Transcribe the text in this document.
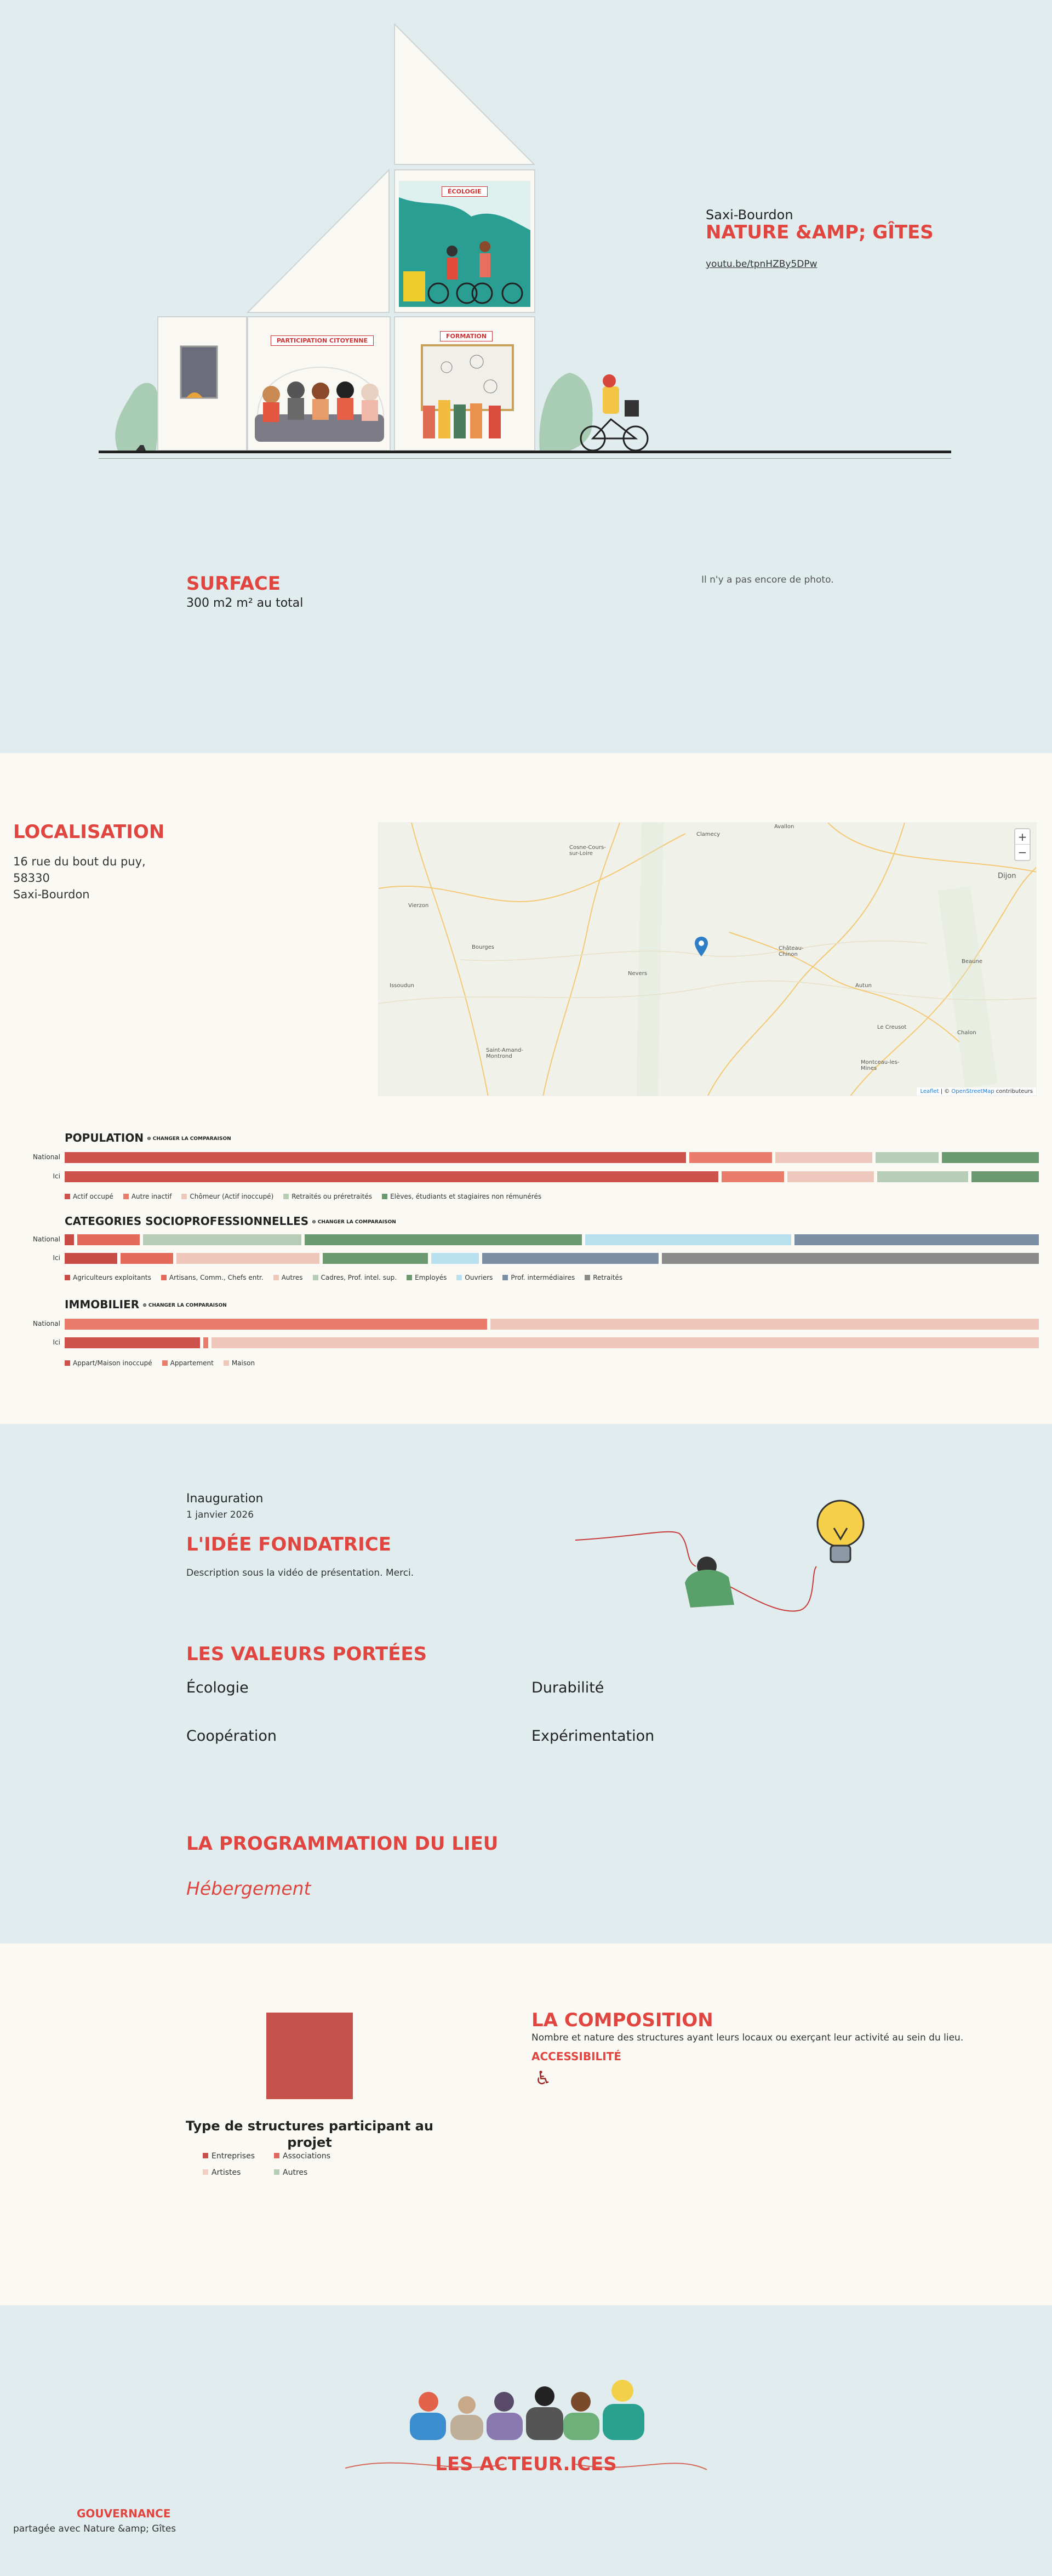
ÉCOLOGIE
PARTICIPATION CITOYENNE
FORMATION
Saxi-Bourdon
NATURE &AMP; GÎTES
youtu.be/tpnHZBy5DPw
SURFACE
300 m2 m² au total
Il n'y a pas encore de photo.
LOCALISATION
16 rue du bout du puy,
58330
Saxi-Bourdon
Clamecy
Avallon
Cosne-Cours-sur-Loire
Dijon
Vierzon
Bourges
Nevers
Château-Chinon
Autun
Beaune
Issoudun
Le Creusot
Saint-Amand-Montrond
Montceau-les-Mines
Chalon
+
−
Leaflet | © OpenStreetMap contributeurs
POPULATION ⊕ CHANGER LA COMPARAISON
National
Ici
Actif occupé	Autre inactif	Chômeur (Actif inoccupé)	Retraités ou préretraités	Elèves, étudiants et stagiaires non rémunérés
CATEGORIES SOCIOPROFESSIONNELLES ⊕ CHANGER LA COMPARAISON
National
Ici
Agriculteurs exploitants	Artisans, Comm., Chefs entr.	Autres	Cadres, Prof. intel. sup.	Employés	Ouvriers	Prof. intermédiaires	Retraités
IMMOBILIER ⊕ CHANGER LA COMPARAISON
National
Ici
Appart/Maison inoccupé	Appartement	Maison
Inauguration
1 janvier 2026
L'IDÉE FONDATRICE
Description sous la vidéo de présentation. Merci.
LES VALEURS PORTÉES
Écologie	Durabilité
Coopération	Expérimentation
LA PROGRAMMATION DU LIEU
Hébergement
Type de structures participant au projet
Entreprises	Associations
Artistes	Autres
LA COMPOSITION
Nombre et nature des structures ayant leurs locaux ou exerçant leur activité au sein du lieu.
ACCESSIBILITÉ
♿
LES ACTEUR.ICES
GOUVERNANCE
partagée avec Nature &amp; Gîtes
